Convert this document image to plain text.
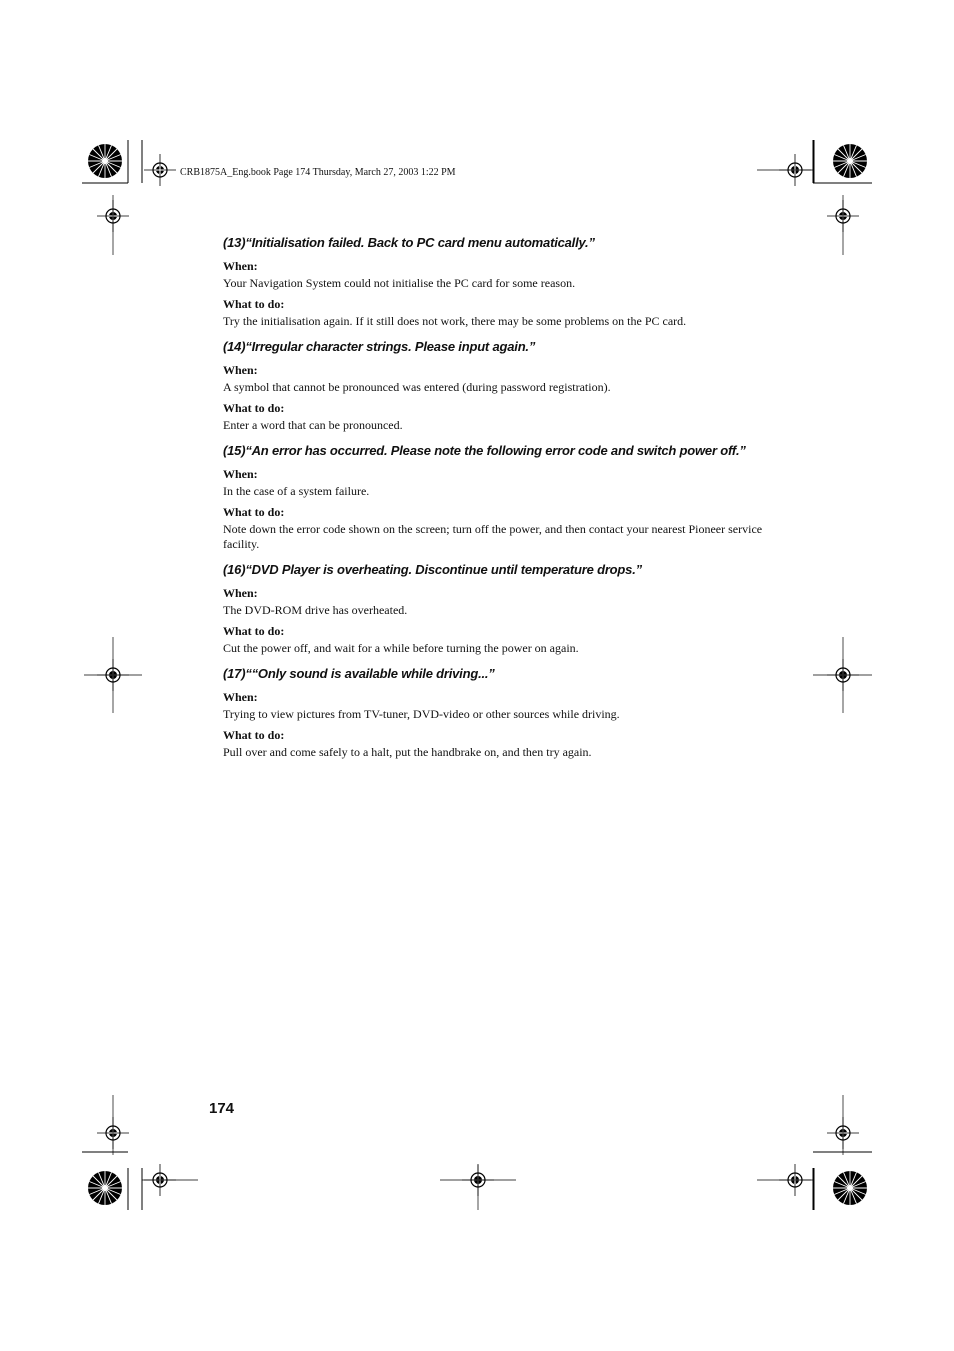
CRB1875A_Eng.book Page 174 Thursday, March 27, 2003 1:22 PM
(13)“Initialisation failed. Back to PC card menu automatically.”
When:
Your Navigation System could not initialise the PC card for some reason.
What to do:
Try the initialisation again. If it still does not work, there may be some problems on the PC card.
(14)“Irregular character strings. Please input again.”
When:
A symbol that cannot be pronounced was entered (during password registration).
What to do:
Enter a word that can be pronounced.
(15)“An error has occurred. Please note the following error code and switch power off.”
When:
In the case of a system failure.
What to do:
Note down the error code shown on the screen; turn off the power, and then contact your nearest Pioneer service facility.
(16)“DVD Player is overheating. Discontinue until temperature drops.”
When:
The DVD-ROM drive has overheated.
What to do:
Cut the power off, and wait for a while before turning the power on again.
(17)““Only sound is available while driving...”
When:
Trying to view pictures from TV-tuner, DVD-video or other sources while driving.
What to do:
Pull over and come safely to a halt, put the handbrake on, and then try again.
174
